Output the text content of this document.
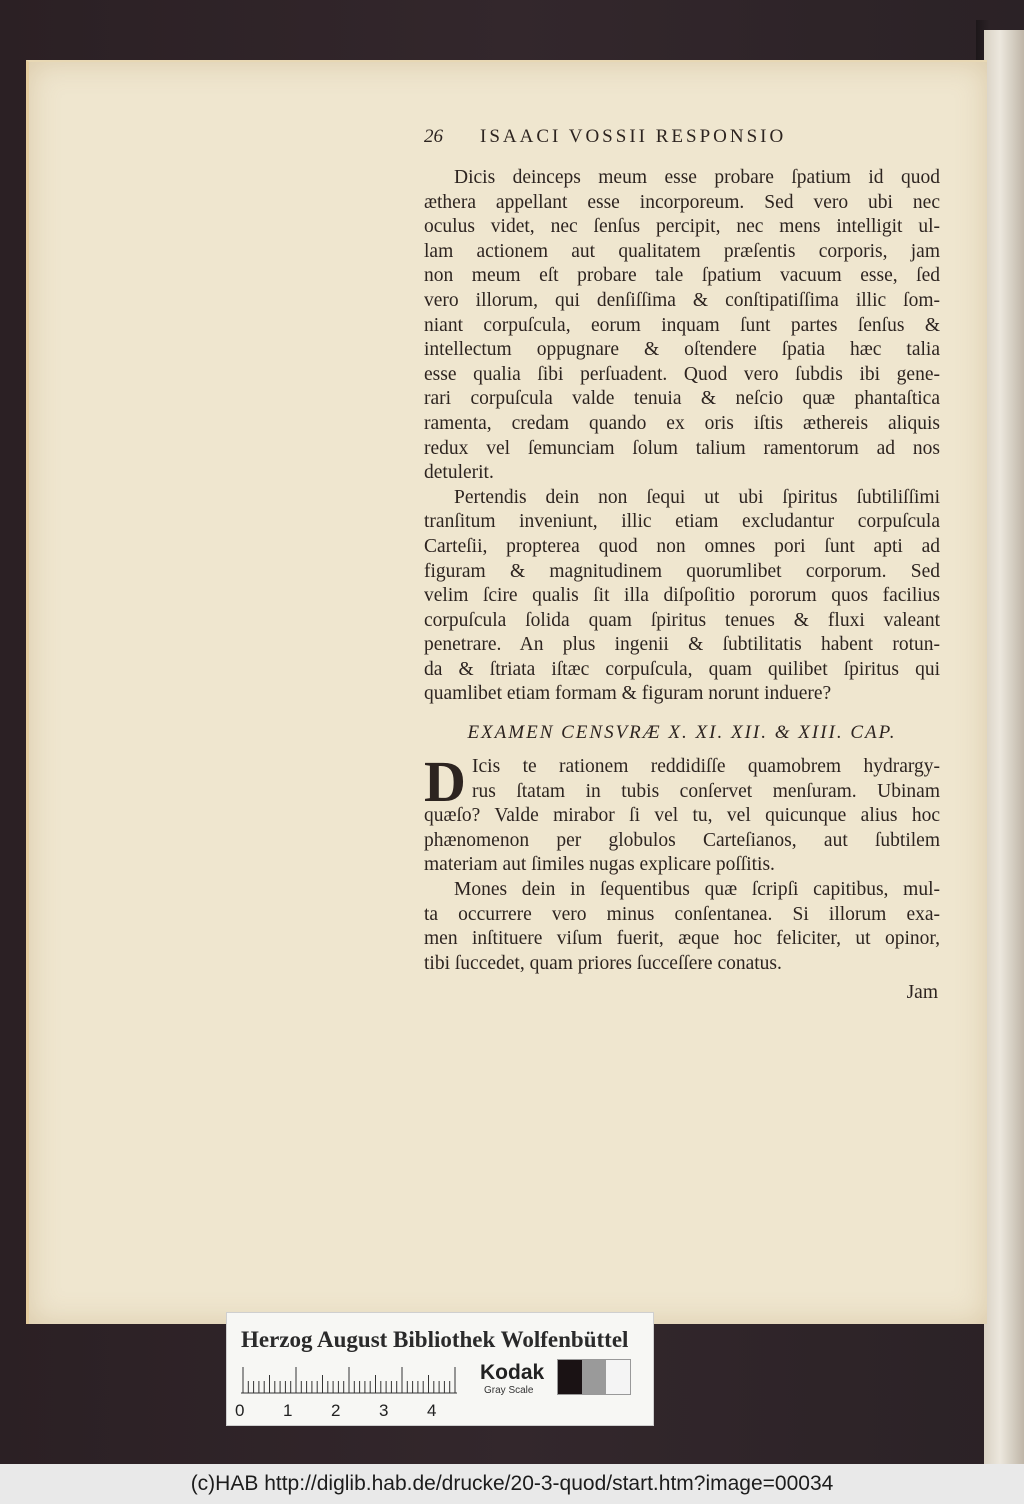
26	ISAACI VOSSII RESPONSIO
Dicis deinceps meum esse probare ſpatium id quod
æthera appellant esse incorporeum. Sed vero ubi nec
oculus videt, nec ſenſus percipit, nec mens intelligit ul-
lam actionem aut qualitatem præſentis corporis, jam
non meum eſt probare tale ſpatium vacuum esse, ſed
vero illorum, qui denſiſſima & conſtipatiſſima illic ſom-
niant corpuſcula, eorum inquam ſunt partes ſenſus &
intellectum oppugnare & oſtendere ſpatia hæc talia
esse qualia ſibi perſuadent. Quod vero ſubdis ibi gene-
rari corpuſcula valde tenuia & neſcio quæ phantaſtica
ramenta, credam quando ex oris iſtis æthereis aliquis
redux vel ſemunciam ſolum talium ramentorum ad nos
detulerit.
Pertendis dein non ſequi ut ubi ſpiritus ſubtiliſſimi
tranſitum inveniunt, illic etiam excludantur corpuſcula
Carteſii, propterea quod non omnes pori ſunt apti ad
figuram & magnitudinem quorumlibet corporum. Sed
velim ſcire qualis ſit illa diſpoſitio pororum quos facilius
corpuſcula ſolida quam ſpiritus tenues & fluxi valeant
penetrare. An plus ingenii & ſubtilitatis habent rotun-
da & ſtriata iſtæc corpuſcula, quam quilibet ſpiritus qui
quamlibet etiam formam & figuram norunt induere?
EXAMEN CENSVRÆ X. XI. XII. & XIII. CAP.
D Icis te rationem reddidiſſe quamobrem hydrargy-
rus ſtatam in tubis conſervet menſuram. Ubinam
quæſo? Valde mirabor ſi vel tu, vel quicunque alius hoc
phænomenon per globulos Carteſianos, aut ſubtilem
materiam aut ſimiles nugas explicare poſſitis.
Mones dein in ſequentibus quæ ſcripſi capitibus, mul-
ta occurrere vero minus conſentanea. Si illorum exa-
men inſtituere viſum fuerit, æque hoc feliciter, ut opinor,
tibi ſuccedet, quam priores ſucceſſere conatus.
Jam
Herzog August Bibliothek Wolfenbüttel
0	1	2	3	4
Kodak
Gray Scale
(c)HAB http://diglib.hab.de/drucke/20-3-quod/start.htm?image=00034
